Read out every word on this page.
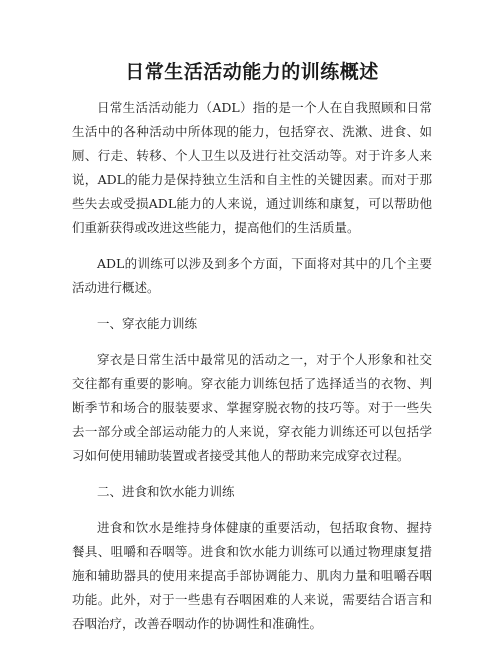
日常生活活动能力的训练概述

日常生活活动能力（ADL）指的是一个人在自我照顾和日常生活中的各种活动中所体现的能力，包括穿衣、洗漱、进食、如厕、行走、转移、个人卫生以及进行社交活动等。对于许多人来说，ADL的能力是保持独立生活和自主性的关键因素。而对于那些失去或受损ADL能力的人来说，通过训练和康复，可以帮助他们重新获得或改进这些能力，提高他们的生活质量。

ADL的训练可以涉及到多个方面，下面将对其中的几个主要活动进行概述。

一、穿衣能力训练

穿衣是日常生活中最常见的活动之一，对于个人形象和社交交往都有重要的影响。穿衣能力训练包括了选择适当的衣物、判断季节和场合的服装要求、掌握穿脱衣物的技巧等。对于一些失去一部分或全部运动能力的人来说，穿衣能力训练还可以包括学习如何使用辅助装置或者接受其他人的帮助来完成穿衣过程。

二、进食和饮水能力训练

进食和饮水是维持身体健康的重要活动，包括取食物、握持餐具、咀嚼和吞咽等。进食和饮水能力训练可以通过物理康复措施和辅助器具的使用来提高手部协调能力、肌肉力量和咀嚼吞咽功能。此外，对于一些患有吞咽困难的人来说，需要结合语言和吞咽治疗，改善吞咽动作的协调性和准确性。
